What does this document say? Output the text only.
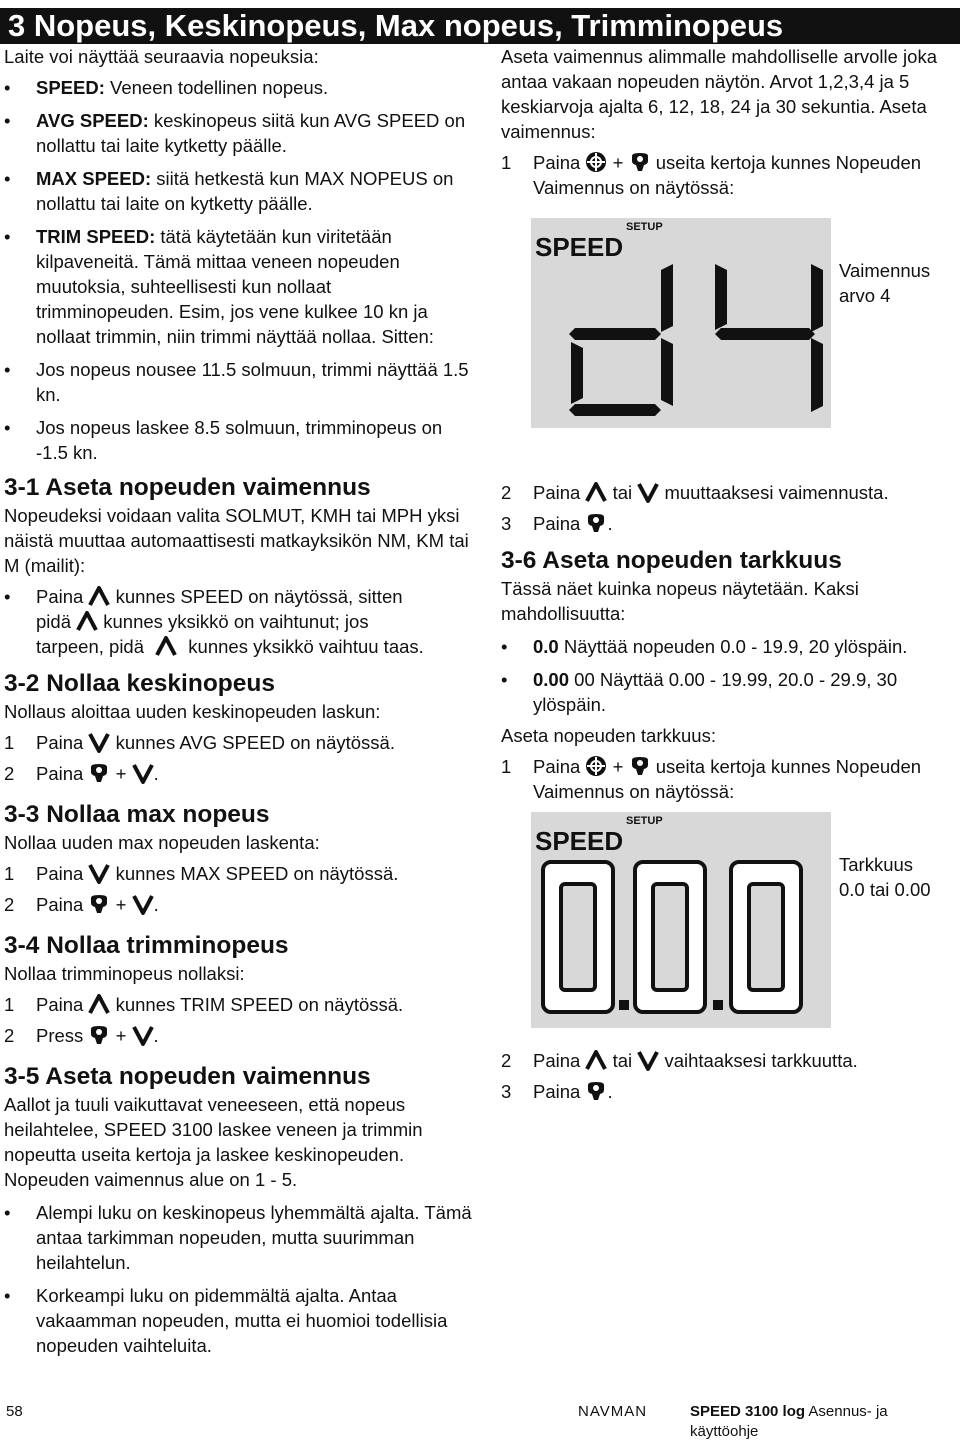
3 Nopeus, Keskinopeus, Max nopeus, Trimminopeus

Laite voi näyttää seuraavia nopeuksia:

• SPEED: Veneen todellinen nopeus.

• AVG SPEED: keskinopeus siitä kun AVG SPEED on nollattu tai laite kytketty päälle.

• MAX SPEED: siitä hetkestä kun MAX NOPEUS on nollattu tai laite on kytketty päälle.

• TRIM SPEED: tätä käytetään kun viritetään kilpaveneitä. Tämä mittaa veneen nopeuden muutoksia, suhteellisesti kun nollaat trimminopeuden. Esim, jos vene kulkee 10 kn ja nollaat trimmin, niin trimmi näyttää nollaa. Sitten:

• Jos nopeus nousee 11.5 solmuun, trimmi näyttää 1.5 kn.

• Jos nopeus laskee 8.5 solmuun, trimminopeus on -1.5 kn.

3-1 Aseta nopeuden vaimennus

Nopeudeksi voidaan valita SOLMUT, KMH tai MPH yksi näistä muuttaa automaattisesti matkayksikön NM, KM tai M (mailit):

• Paina kunnes SPEED on näytössä, sitten
pidä kunnes yksikkö on vaihtunut; jos
tarpeen, pidä kunnes yksikkö vaihtuu taas.
3-2 Nollaa keskinopeus

Nollaus aloittaa uuden keskinopeuden laskun:

1	Paina kunnes AVG SPEED on näytössä.
2	Paina + .
3-3 Nollaa max nopeus

Nollaa uuden max nopeuden laskenta:

1	Paina kunnes MAX SPEED on näytössä.
2	Paina + .
3-4 Nollaa trimminopeus

Nollaa trimminopeus nollaksi:

1	Paina kunnes TRIM SPEED on näytössä.
2	Press + .
3-5 Aseta nopeuden vaimennus

Aallot ja tuuli vaikuttavat veneeseen, että nopeus heilahtelee, SPEED 3100 laskee veneen ja trimmin nopeutta useita kertoja ja laskee keskinopeuden. Nopeuden vaimennus alue on 1 - 5.

• Alempi luku on keskinopeus lyhemmältä ajalta. Tämä antaa tarkimman nopeuden, mutta suurimman heilahtelun.

• Korkeampi luku on pidemmältä ajalta. Antaa vakaamman nopeuden, mutta ei huomioi todellisia nopeuden vaihteluita.

Aseta vaimennus alimmalle mahdolliselle arvolle joka antaa vakaan nopeuden näytön. Arvot 1,2,3,4 ja 5 keskiarvoja ajalta 6, 12, 18, 24 ja 30 sekuntia. Aseta vaimennus:

1	Paina + useita kertoja kunnes Nopeuden Vaimennus on näytössä:
SETUP
SPEED
Vaimennus
arvo 4
2	Paina tai muuttaaksesi vaimennusta.
3	Paina .
3-6 Aseta nopeuden tarkkuus

Tässä näet kuinka nopeus näytetään. Kaksi mahdollisuutta:

• 0.0 Näyttää nopeuden 0.0 - 19.9, 20 ylöspäin.

• 0.00 00 Näyttää 0.00 - 19.99, 20.0 - 29.9, 30 ylöspäin.

Aseta nopeuden tarkkuus:

1	Paina + useita kertoja kunnes Nopeuden Vaimennus on näytössä:
SETUP
SPEED
Tarkkuus
0.0 tai 0.00
2	Paina tai vaihtaaksesi tarkkuutta.
3	Paina .
58	NAVMAN	SPEED 3100 log Asennus- ja käyttöohje
